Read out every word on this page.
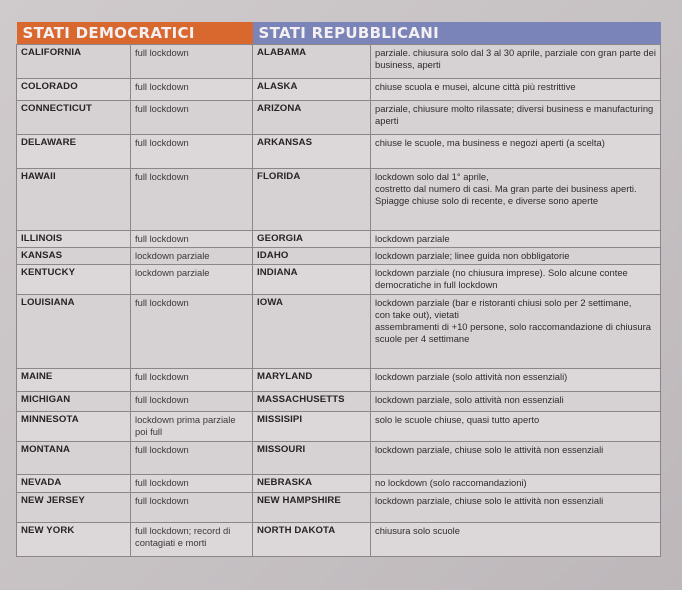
STATI DEMOCRATICI		STATI REPUBBLICANI	
CALIFORNIA	full lockdown	ALABAMA	parziale. chiusura solo dal 3 al 30 aprile, parziale con gran parte dei business, aperti
COLORADO	full lockdown	ALASKA	chiuse scuola e musei, alcune città più restrittive
CONNECTICUT	full lockdown	ARIZONA	parziale, chiusure molto rilassate; diversi business e manufacturing aperti
DELAWARE	full lockdown	ARKANSAS	chiuse le scuole, ma business e negozi aperti (a scelta)
HAWAII	full lockdown	FLORIDA	lockdown solo dal 1° aprile,
costretto dal numero di casi. Ma gran parte dei business aperti. Spiagge chiuse solo di recente, e diverse sono aperte
ILLINOIS	full lockdown	GEORGIA	lockdown parziale
KANSAS	lockdown parziale	IDAHO	lockdown parziale; linee guida non obbligatorie
KENTUCKY	lockdown parziale	INDIANA	lockdown parziale (no chiusura imprese). Solo alcune contee democratiche in full lockdown
LOUISIANA	full lockdown	IOWA	lockdown parziale (bar e ristoranti chiusi solo per 2 settimane,
con take out), vietati
assembramenti di +10 persone, solo raccomandazione di chiusura scuole per 4 settimane
MAINE	full lockdown	MARYLAND	lockdown parziale (solo attività non essenziali)
MICHIGAN	full lockdown	MASSACHUSETTS	lockdown parziale, solo attività non essenziali
MINNESOTA	lockdown prima parziale poi full	MISSISIPI	solo le scuole chiuse, quasi tutto aperto
MONTANA	full lockdown	MISSOURI	lockdown parziale, chiuse solo le attività non essenziali
NEVADA	full lockdown	NEBRASKA	no lockdown (solo raccomandazioni)
NEW JERSEY	full lockdown	NEW HAMPSHIRE	lockdown parziale, chiuse solo le attività non essenziali
NEW YORK	full lockdown; record di contagiati e morti	NORTH DAKOTA	chiusura solo scuole
